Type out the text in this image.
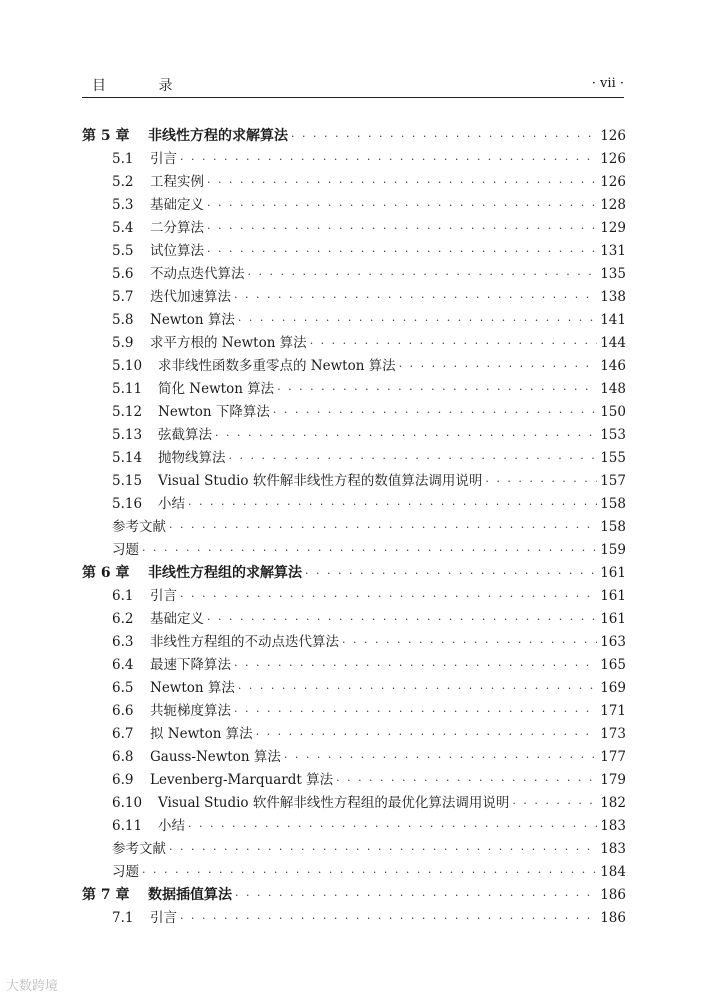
目 录	· vii ·
第 5 章	非线性方程的求解算法 · · ·	126
5.1	引言 · · ·	126
5.2	工程实例 · · ·	126
5.3	基础定义 · · ·	128
5.4	二分算法 · · ·	129
5.5	试位算法 · · ·	131
5.6	不动点迭代算法 · · ·	135
5.7	迭代加速算法 · · ·	138
5.8	Newton 算法 · · ·	141
5.9	求平方根的 Newton 算法 · · ·	144
5.10	求非线性函数多重零点的 Newton 算法 · · ·	146
5.11	简化 Newton 算法 · · ·	148
5.12	Newton 下降算法 · · ·	150
5.13	弦截算法 · · ·	153
5.14	抛物线算法 · · ·	155
5.15	Visual Studio 软件解非线性方程的数值算法调用说明 · · ·	157
5.16	小结 · · ·	158
参考文献 · · ·	158
习题 · · ·	159
第 6 章	非线性方程组的求解算法 · · ·	161
6.1	引言 · · ·	161
6.2	基础定义 · · ·	161
6.3	非线性方程组的不动点迭代算法 · · ·	163
6.4	最速下降算法 · · ·	165
6.5	Newton 算法 · · ·	169
6.6	共轭梯度算法 · · ·	171
6.7	拟 Newton 算法 · · ·	173
6.8	Gauss-Newton 算法 · · ·	177
6.9	Levenberg-Marquardt 算法 · · ·	179
6.10	Visual Studio 软件解非线性方程组的最优化算法调用说明 · · ·	182
6.11	小结 · · ·	183
参考文献 · · ·	183
习题 · · ·	184
第 7 章	数据插值算法 · · ·	186
7.1	引言 · · ·	186
大数跨境
